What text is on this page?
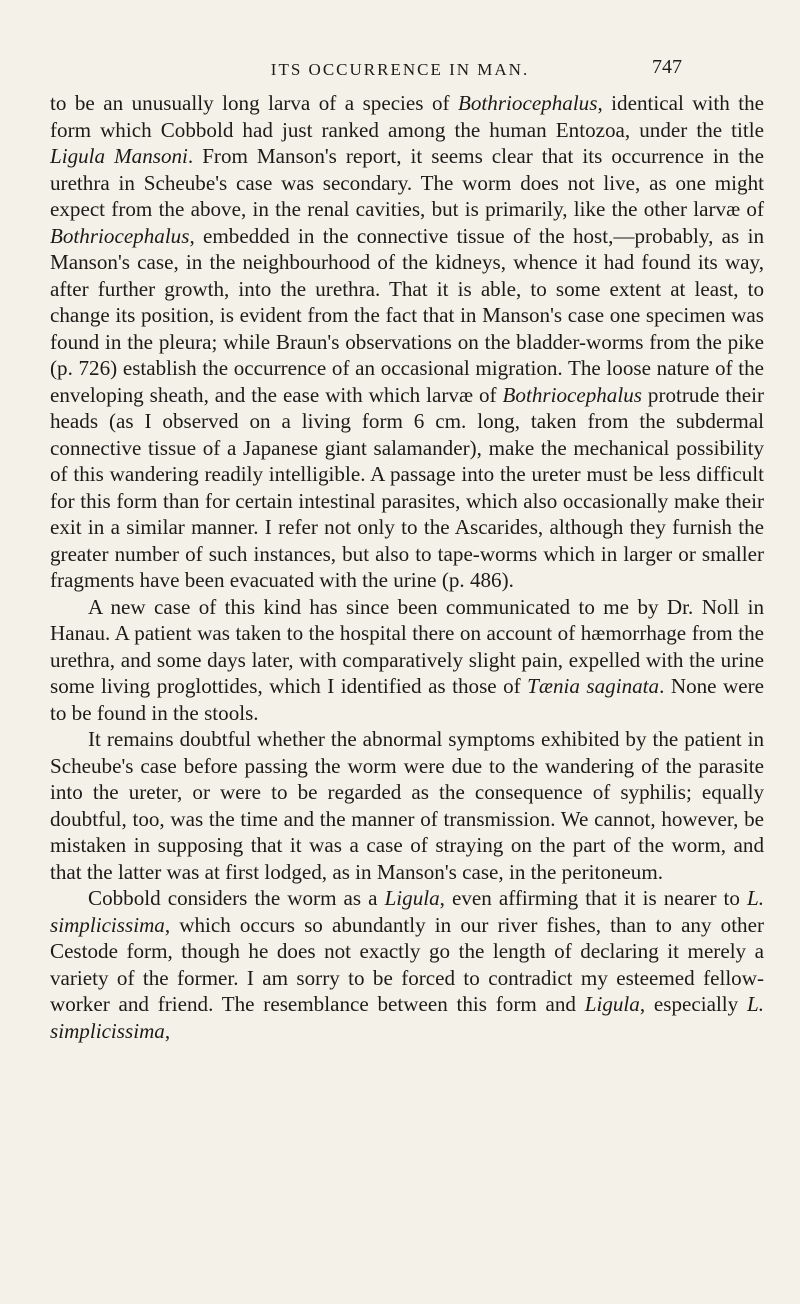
ITS OCCURRENCE IN MAN.	747

to be an unusually long larva of a species of Bothriocephalus, identical with the form which Cobbold had just ranked among the human Entozoa, under the title Ligula Mansoni. From Manson's report, it seems clear that its occurrence in the urethra in Scheube's case was secondary. The worm does not live, as one might expect from the above, in the renal cavities, but is primarily, like the other larvæ of Bothriocephalus, embedded in the connective tissue of the host,—probably, as in Manson's case, in the neighbourhood of the kidneys, whence it had found its way, after further growth, into the urethra. That it is able, to some extent at least, to change its position, is evident from the fact that in Manson's case one specimen was found in the pleura; while Braun's observations on the bladder-worms from the pike (p. 726) establish the occurrence of an occasional migration. The loose nature of the enveloping sheath, and the ease with which larvæ of Bothriocephalus protrude their heads (as I observed on a living form 6 cm. long, taken from the subdermal connective tissue of a Japanese giant salamander), make the mechanical possibility of this wandering readily intelligible. A passage into the ureter must be less difficult for this form than for certain intestinal parasites, which also occasionally make their exit in a similar manner. I refer not only to the Ascarides, although they furnish the greater number of such instances, but also to tape-worms which in larger or smaller fragments have been evacuated with the urine (p. 486).

A new case of this kind has since been communicated to me by Dr. Noll in Hanau. A patient was taken to the hospital there on account of hæmorrhage from the urethra, and some days later, with comparatively slight pain, expelled with the urine some living proglottides, which I identified as those of Tænia saginata. None were to be found in the stools.

It remains doubtful whether the abnormal symptoms exhibited by the patient in Scheube's case before passing the worm were due to the wandering of the parasite into the ureter, or were to be regarded as the consequence of syphilis; equally doubtful, too, was the time and the manner of transmission. We cannot, however, be mistaken in supposing that it was a case of straying on the part of the worm, and that the latter was at first lodged, as in Manson's case, in the peritoneum.

Cobbold considers the worm as a Ligula, even affirming that it is nearer to L. simplicissima, which occurs so abundantly in our river fishes, than to any other Cestode form, though he does not exactly go the length of declaring it merely a variety of the former. I am sorry to be forced to contradict my esteemed fellow-worker and friend. The resemblance between this form and Ligula, especially L. simplicissima,
